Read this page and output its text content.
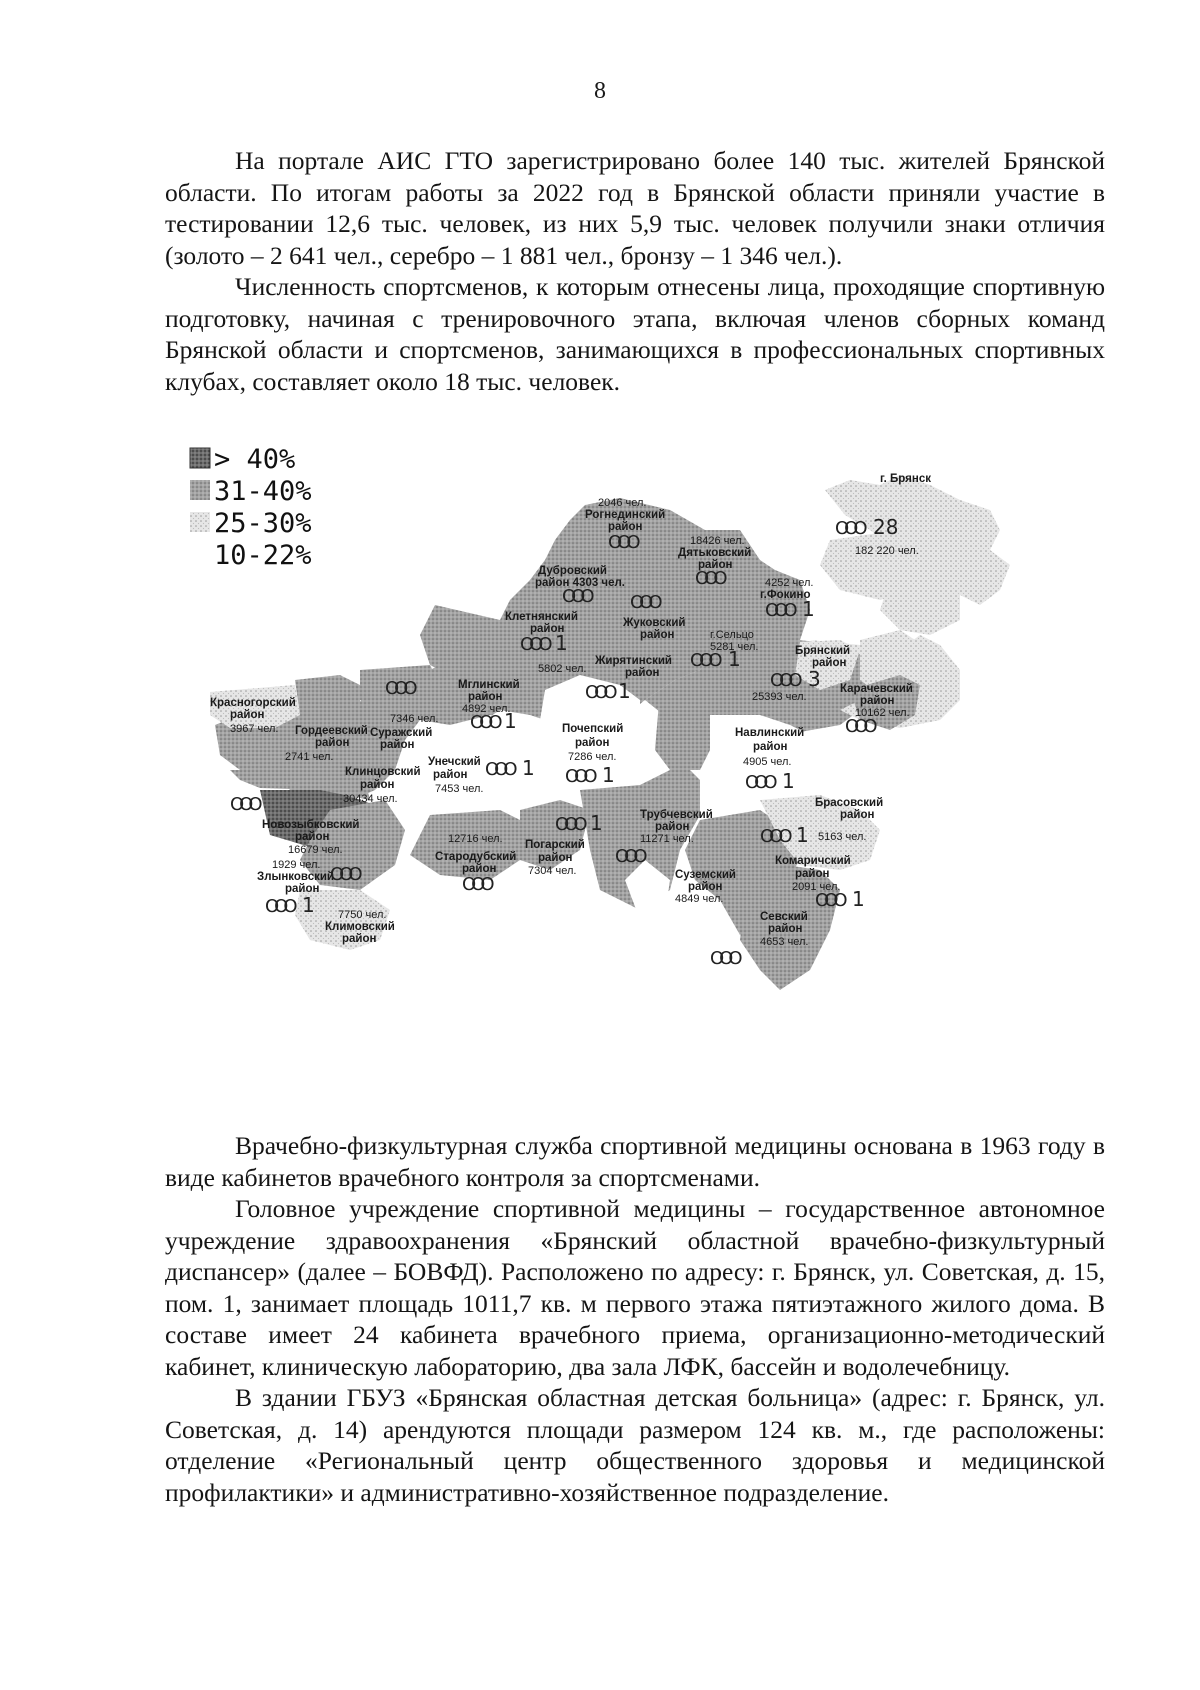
8

На портале АИС ГТО зарегистрировано более 140 тыс. жителей Брянской области. По итогам работы за 2022 год в Брянской области приняли участие в тестировании 12,6 тыс. человек, из них 5,9 тыс. человек получили знаки отличия (золото – 2 641 чел., серебро – 1 881 чел., бронзу – 1 346 чел.).

Численность спортсменов, к которым отнесены лица, проходящие спортивную подготовку, начиная с тренировочного этапа, включая членов сборных команд Брянской области и спортсменов, занимающихся в профессиональных спортивных клубах, составляет около 18 тыс. человек.

> 40%
31-40%
25-30%
10-22%
г. Брянск
182 220 чел.
OOO 28
2046 чел.
Рогнединский
район
OOO	18426 чел.
Дятьковский
район
OOO
Дубровский
район 4303 чел.
OOO OOO
4252 чел.
г.Фокино
OOO 1
Клетнянский
район
OOO 1
Жуковский
район
5802 чел.
г.Сельцо
5281 чел.
OOO 1	Брянский
район
OOO 3
25393 чел.
Жирятинский
район
OOO 1	Карачевский
район
10162 чел.
OOO
Красногорский
район
3967 чел.
OOO	Мглинский
район
4892 чел.
OOO 1
7346 чел.
Суражский
район
Гордеевский
район
2741 чел.
Почепский
район
7286 чел.
OOO 1
Навлинский
район
4905 чел.
OOO 1
Унечский
район
7453 чел.
OOO 1
Клинцовский
район
30434 чел.
OOO
Новозыбковский
район
16679 чел.
OOO 1	Трубчевский
район
11271 чел.
OOO
Брасовский
район
OOO 1 5163 чел.
12716 чел.
Стародубский
район
OOO
Погарский
район
7304 чел.
1929 чел.
Злынковский
район
OOO 1
OOO
Комаричский
район
2091 чел.
OOO 1
Суземский
район
4849 чел.
7750 чел.
Климовский
район
Севский
район
4653 чел.
OOO

Врачебно-физкультурная служба спортивной медицины основана в 1963 году в виде кабинетов врачебного контроля за спортсменами.

Головное учреждение спортивной медицины – государственное автономное учреждение здравоохранения «Брянский областной врачебно-физкультурный диспансер» (далее – БОВФД). Расположено по адресу: г. Брянск, ул. Советская, д. 15, пом. 1, занимает площадь 1011,7 кв. м первого этажа пятиэтажного жилого дома. В составе имеет 24 кабинета врачебного приема, организационно-методический кабинет, клиническую лабораторию, два зала ЛФК, бассейн и водолечебницу.

В здании ГБУЗ «Брянская областная детская больница» (адрес: г. Брянск, ул. Советская, д. 14) арендуются площади размером 124 кв. м., где расположены: отделение «Региональный центр общественного здоровья и медицинской профилактики» и административно-хозяйственное подразделение.
